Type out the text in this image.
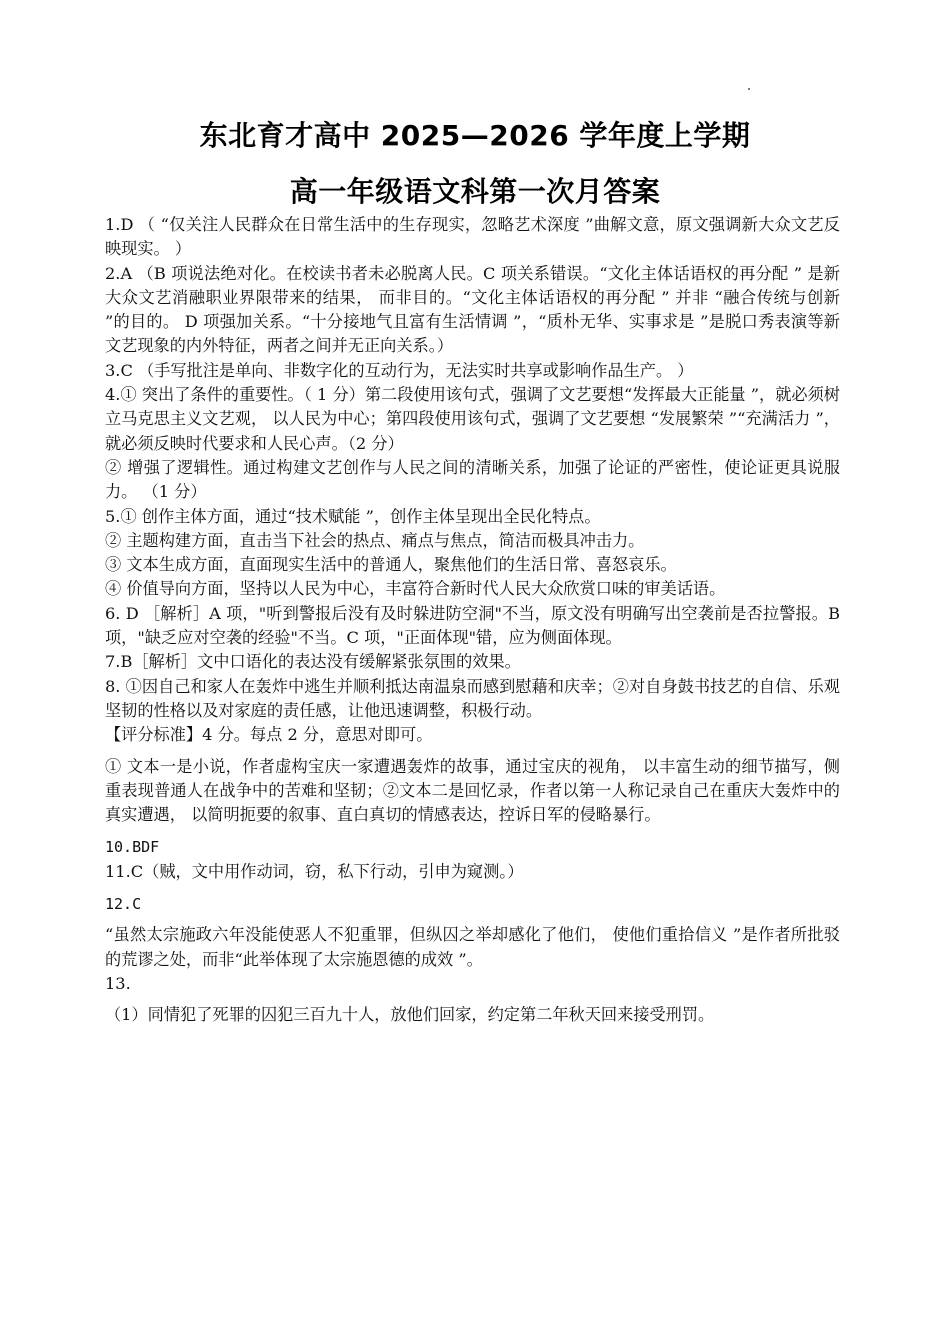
东北育才高中 2025—2026 学年度上学期
高一年级语文科第一次月答案

1.D （ “仅关注人民群众在日常生活中的生存现实，忽略艺术深度 ”曲解文意，原文强调新大众文艺反映现实。 ）

2.A （B 项说法绝对化。在校读书者未必脱离人民。C 项关系错误。“文化主体话语权的再分配 ” 是新大众文艺消融职业界限带来的结果， 而非目的。“文化主体话语权的再分配 ” 并非 “融合传统与创新 ”的目的。 D 项强加关系。“十分接地气且富有生活情调 ”，“质朴无华、实事求是 ”是脱口秀表演等新文艺现象的内外特征，两者之间并无正向关系。）

3.C （手写批注是单向、非数字化的互动行为，无法实时共享或影响作品生产。 ）

4.① 突出了条件的重要性。（ 1 分）第二段使用该句式，强调了文艺要想“发挥最大正能量 ”，就必须树立马克思主义文艺观， 以人民为中心；第四段使用该句式，强调了文艺要想 “发展繁荣 ”“充满活力 ”，就必须反映时代要求和人民心声。（2 分）

② 增强了逻辑性。通过构建文艺创作与人民之间的清晰关系，加强了论证的严密性，使论证更具说服力。 （1 分）

5.① 创作主体方面，通过“技术赋能 ”，创作主体呈现出全民化特点。

② 主题构建方面，直击当下社会的热点、痛点与焦点，简洁而极具冲击力。

③ 文本生成方面，直面现实生活中的普通人，聚焦他们的生活日常、喜怒哀乐。

④ 价值导向方面，坚持以人民为中心，丰富符合新时代人民大众欣赏口味的审美话语。

6. D ［解析］A 项，"听到警报后没有及时躲进防空洞"不当，原文没有明确写出空袭前是否拉警报。B 项，"缺乏应对空袭的经验"不当。C 项，"正面体现"错，应为侧面体现。

7.B［解析］文中口语化的表达没有缓解紧张氛围的效果。

8. ①因自己和家人在轰炸中逃生并顺利抵达南温泉而感到慰藉和庆幸；②对自身鼓书技艺的自信、乐观坚韧的性格以及对家庭的责任感，让他迅速调整，积极行动。

【评分标准】4 分。每点 2 分，意思对即可。

① 文本一是小说，作者虚构宝庆一家遭遇轰炸的故事，通过宝庆的视角， 以丰富生动的细节描写，侧重表现普通人在战争中的苦难和坚韧；②文本二是回忆录，作者以第一人称记录自己在重庆大轰炸中的真实遭遇， 以简明扼要的叙事、直白真切的情感表达，控诉日军的侵略暴行。

10.BDF

11.C（贼，文中用作动词，窃，私下行动，引申为窥测。）

12.C

“虽然太宗施政六年没能使恶人不犯重罪，但纵囚之举却感化了他们， 使他们重拾信义 ”是作者所批驳的荒谬之处，而非“此举体现了太宗施恩德的成效 ”。

13.

（1）同情犯了死罪的囚犯三百九十人，放他们回家，约定第二年秋天回来接受刑罚。
